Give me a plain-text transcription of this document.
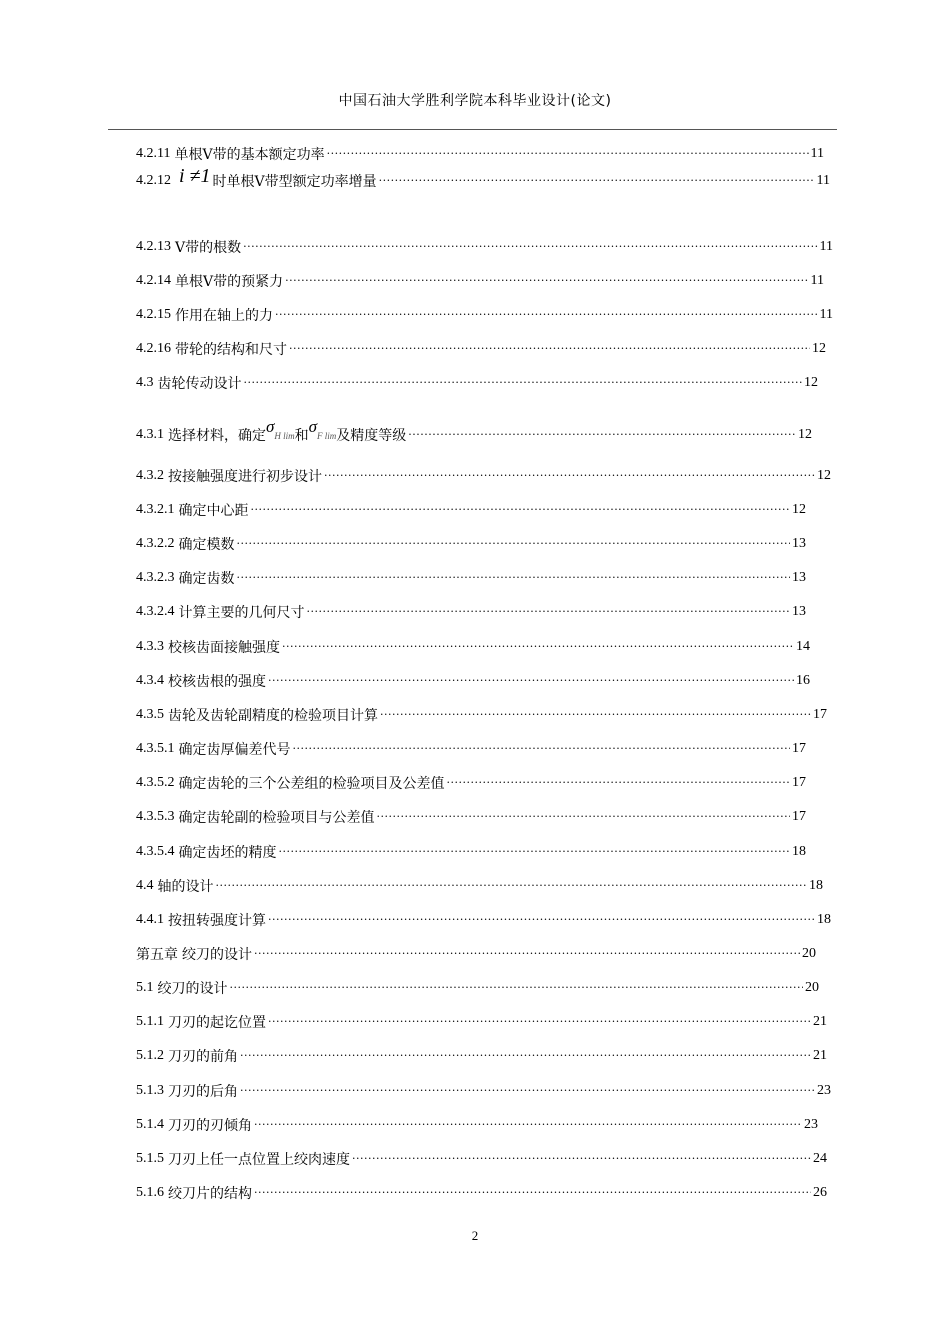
中国石油大学胜利学院本科毕业设计(论文)
4.2.11 单根V带的基本额定功率 ·····	11
4.2.12 i ≠1 时单根V带型额定功率增量 ·····	11
4.2.13 V带的根数 ·····	11
4.2.14 单根V带的预紧力 ·····	11
4.2.15 作用在轴上的力 ·····	11
4.2.16 带轮的结构和尺寸 ·····	12
4.3 齿轮传动设计 ·····	12
4.3.1 选择材料，确定 σH lim 和 σF lim 及精度等级 ·····	12
4.3.2 按接触强度进行初步设计 ·····	12
4.3.2.1 确定中心距 ·····	12
4.3.2.2 确定模数 ·····	13
4.3.2.3 确定齿数 ·····	13
4.3.2.4 计算主要的几何尺寸 ·····	13
4.3.3 校核齿面接触强度 ·····	14
4.3.4 校核齿根的强度 ·····	16
4.3.5 齿轮及齿轮副精度的检验项目计算 ·····	17
4.3.5.1 确定齿厚偏差代号 ·····	17
4.3.5.2 确定齿轮的三个公差组的检验项目及公差值 ·····	17
4.3.5.3 确定齿轮副的检验项目与公差值 ·····	17
4.3.5.4 确定齿坯的精度 ·····	18
4.4 轴的设计 ·····	18
4.4.1 按扭转强度计算 ·····	18
第五章 绞刀的设计 ·····	20
5.1 绞刀的设计 ·····	20
5.1.1 刀刃的起讫位置 ·····	21
5.1.2 刀刃的前角 ·····	21
5.1.3 刀刃的后角 ·····	23
5.1.4 刀刃的刃倾角 ·····	23
5.1.5 刀刃上任一点位置上绞肉速度 ·····	24
5.1.6 绞刀片的结构 ·····	26
2
